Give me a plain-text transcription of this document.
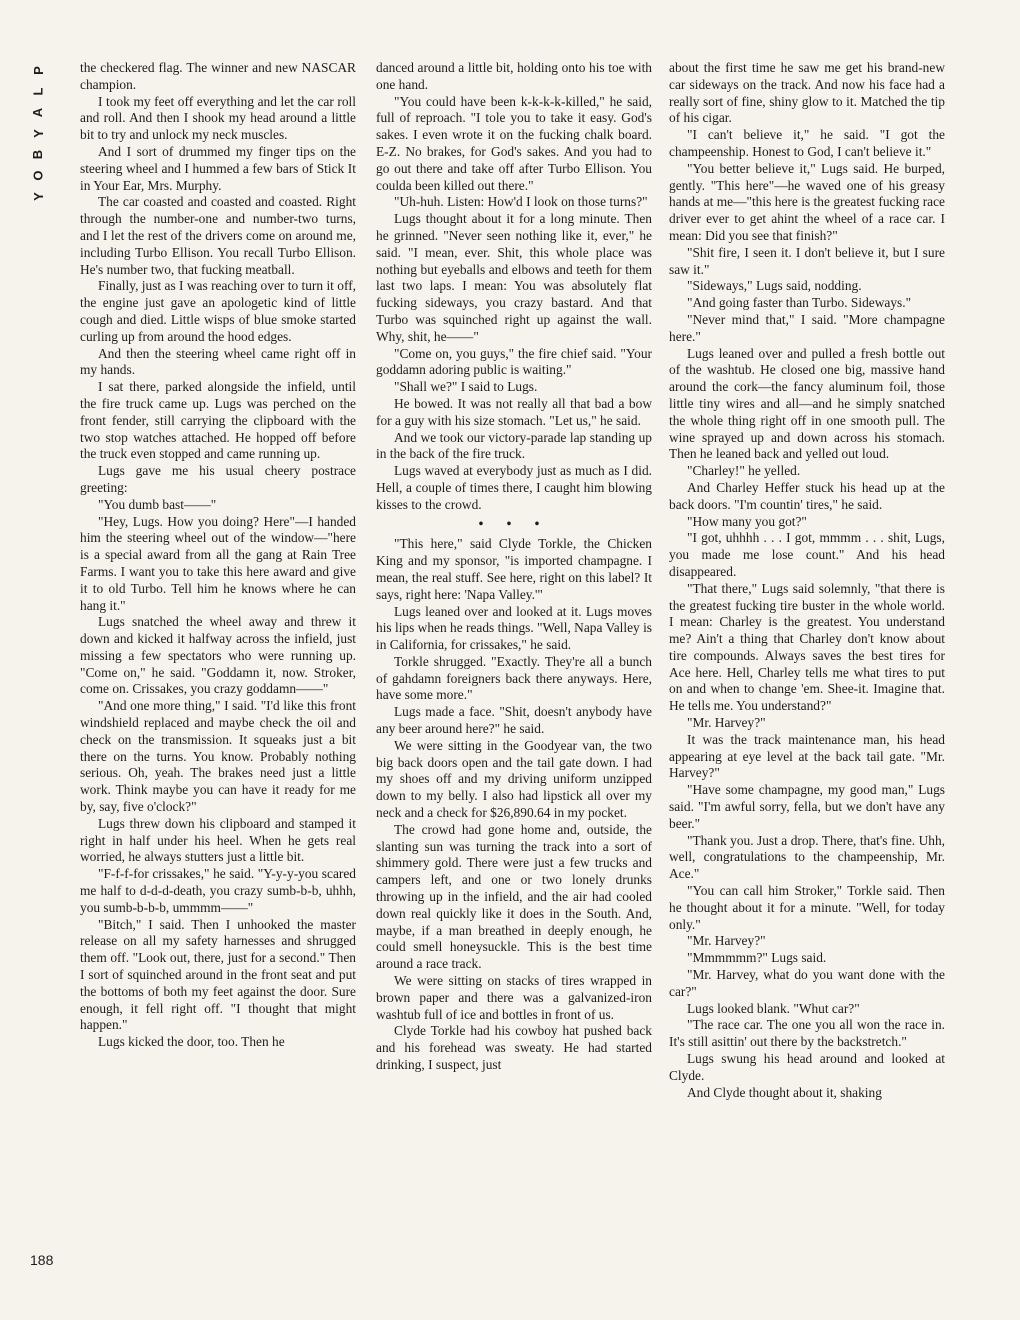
P
L
A
Y
B
O
Y

the checkered flag. The winner and new NASCAR champion.

I took my feet off everything and let the car roll and roll. And then I shook my head around a little bit to try and unlock my neck muscles.

And I sort of drummed my finger tips on the steering wheel and I hummed a few bars of Stick It in Your Ear, Mrs. Murphy.

The car coasted and coasted and coasted. Right through the number-one and number-two turns, and I let the rest of the drivers come on around me, including Turbo Ellison. You recall Turbo Ellison. He's number two, that fucking meatball.

Finally, just as I was reaching over to turn it off, the engine just gave an apologetic kind of little cough and died. Little wisps of blue smoke started curling up from around the hood edges.

And then the steering wheel came right off in my hands.

I sat there, parked alongside the infield, until the fire truck came up. Lugs was perched on the front fender, still carrying the clipboard with the two stop watches attached. He hopped off before the truck even stopped and came running up.

Lugs gave me his usual cheery postrace greeting:

"You dumb bast——"

"Hey, Lugs. How you doing? Here"—I handed him the steering wheel out of the window—"here is a special award from all the gang at Rain Tree Farms. I want you to take this here award and give it to old Turbo. Tell him he knows where he can hang it."

Lugs snatched the wheel away and threw it down and kicked it halfway across the infield, just missing a few spectators who were running up. "Come on," he said. "Goddamn it, now. Stroker, come on. Crissakes, you crazy goddamn——"

"And one more thing," I said. "I'd like this front windshield replaced and maybe check the oil and check on the transmission. It squeaks just a bit there on the turns. You know. Probably nothing serious. Oh, yeah. The brakes need just a little work. Think maybe you can have it ready for me by, say, five o'clock?"

Lugs threw down his clipboard and stamped it right in half under his heel. When he gets real worried, he always stutters just a little bit.

"F-f-f-for crissakes," he said. "Y-y-y-you scared me half to d-d-d-death, you crazy sumb-b-b, uhhh, you sumb-b-b-b, ummmm——"

"Bitch," I said. Then I unhooked the master release on all my safety harnesses and shrugged them off. "Look out, there, just for a second." Then I sort of squinched around in the front seat and put the bottoms of both my feet against the door. Sure enough, it fell right off. "I thought that might happen."

Lugs kicked the door, too. Then he

danced around a little bit, holding onto his toe with one hand.

"You could have been k-k-k-k-killed," he said, full of reproach. "I tole you to take it easy. God's sakes. I even wrote it on the fucking chalk board. E-Z. No brakes, for God's sakes. And you had to go out there and take off after Turbo Ellison. You coulda been killed out there."

"Uh-huh. Listen: How'd I look on those turns?"

Lugs thought about it for a long minute. Then he grinned. "Never seen nothing like it, ever," he said. "I mean, ever. Shit, this whole place was nothing but eyeballs and elbows and teeth for them last two laps. I mean: You was absolutely flat fucking sideways, you crazy bastard. And that Turbo was squinched right up against the wall. Why, shit, he——"

"Come on, you guys," the fire chief said. "Your goddamn adoring public is waiting."

"Shall we?" I said to Lugs.

He bowed. It was not really all that bad a bow for a guy with his size stomach. "Let us," he said.

And we took our victory-parade lap standing up in the back of the fire truck.

Lugs waved at everybody just as much as I did. Hell, a couple of times there, I caught him blowing kisses to the crowd.

• • •

"This here," said Clyde Torkle, the Chicken King and my sponsor, "is imported champagne. I mean, the real stuff. See here, right on this label? It says, right here: 'Napa Valley.'"

Lugs leaned over and looked at it. Lugs moves his lips when he reads things. "Well, Napa Valley is in California, for crissakes," he said.

Torkle shrugged. "Exactly. They're all a bunch of gahdamn foreigners back there anyways. Here, have some more."

Lugs made a face. "Shit, doesn't anybody have any beer around here?" he said.

We were sitting in the Goodyear van, the two big back doors open and the tail gate down. I had my shoes off and my driving uniform unzipped down to my belly. I also had lipstick all over my neck and a check for $26,890.64 in my pocket.

The crowd had gone home and, outside, the slanting sun was turning the track into a sort of shimmery gold. There were just a few trucks and campers left, and one or two lonely drunks throwing up in the infield, and the air had cooled down real quickly like it does in the South. And, maybe, if a man breathed in deeply enough, he could smell honeysuckle. This is the best time around a race track.

We were sitting on stacks of tires wrapped in brown paper and there was a galvanized-iron washtub full of ice and bottles in front of us.

Clyde Torkle had his cowboy hat pushed back and his forehead was sweaty. He had started drinking, I suspect, just

about the first time he saw me get his brand-new car sideways on the track. And now his face had a really sort of fine, shiny glow to it. Matched the tip of his cigar.

"I can't believe it," he said. "I got the champeenship. Honest to God, I can't believe it."

"You better believe it," Lugs said. He burped, gently. "This here"—he waved one of his greasy hands at me—"this here is the greatest fucking race driver ever to get ahint the wheel of a race car. I mean: Did you see that finish?"

"Shit fire, I seen it. I don't believe it, but I sure saw it."

"Sideways," Lugs said, nodding.

"And going faster than Turbo. Sideways."

"Never mind that," I said. "More champagne here."

Lugs leaned over and pulled a fresh bottle out of the washtub. He closed one big, massive hand around the cork—the fancy aluminum foil, those little tiny wires and all—and he simply snatched the whole thing right off in one smooth pull. The wine sprayed up and down across his stomach. Then he leaned back and yelled out loud.

"Charley!" he yelled.

And Charley Heffer stuck his head up at the back doors. "I'm countin' tires," he said.

"How many you got?"

"I got, uhhhh . . . I got, mmmm . . . shit, Lugs, you made me lose count." And his head disappeared.

"That there," Lugs said solemnly, "that there is the greatest fucking tire buster in the whole world. I mean: Charley is the greatest. You understand me? Ain't a thing that Charley don't know about tire compounds. Always saves the best tires for Ace here. Hell, Charley tells me what tires to put on and when to change 'em. Shee-it. Imagine that. He tells me. You understand?"

"Mr. Harvey?"

It was the track maintenance man, his head appearing at eye level at the back tail gate. "Mr. Harvey?"

"Have some champagne, my good man," Lugs said. "I'm awful sorry, fella, but we don't have any beer."

"Thank you. Just a drop. There, that's fine. Uhh, well, congratulations to the champeenship, Mr. Ace."

"You can call him Stroker," Torkle said. Then he thought about it for a minute. "Well, for today only."

"Mr. Harvey?"

"Mmmmmm?" Lugs said.

"Mr. Harvey, what do you want done with the car?"

Lugs looked blank. "Whut car?"

"The race car. The one you all won the race in. It's still asittin' out there by the backstretch."

Lugs swung his head around and looked at Clyde.

And Clyde thought about it, shaking

188
